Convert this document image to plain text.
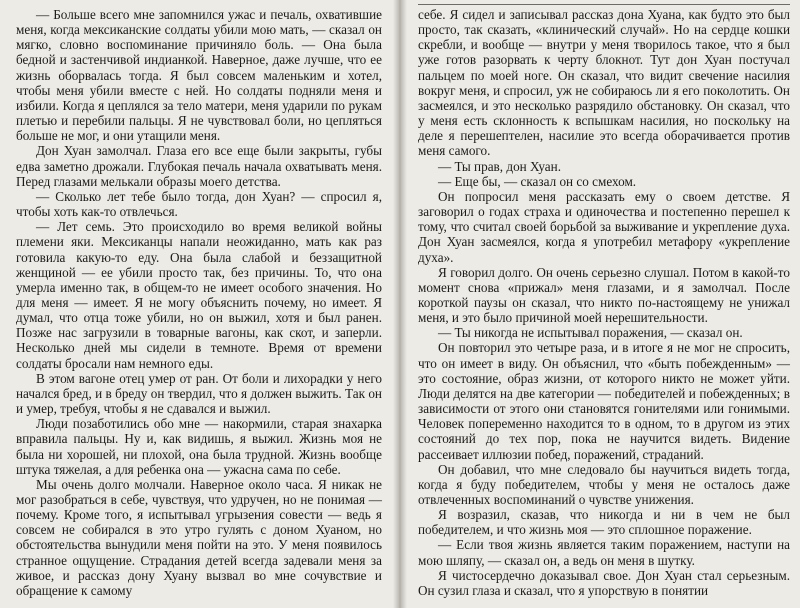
— Больше всего мне запомнился ужас и печаль, охватившие меня, когда мексиканские солдаты убили мою мать, — сказал он мягко, словно воспоминание причиняло боль. — Она была бедной и застенчивой индианкой. Наверное, даже лучше, что ее жизнь оборвалась тогда. Я был совсем маленьким и хотел, чтобы меня убили вместе с ней. Но солдаты подняли меня и избили. Когда я цеплялся за тело матери, меня ударили по рукам плетью и перебили пальцы. Я не чувствовал боли, но цепляться больше не мог, и они утащили меня.

Дон Хуан замолчал. Глаза его все еще были закрыты, губы едва заметно дрожали. Глубокая печаль начала охватывать меня. Перед глазами мелькали образы моего детства.

— Сколько лет тебе было тогда, дон Хуан? — спросил я, чтобы хоть как-то отвлечься.

— Лет семь. Это происходило во время великой войны племени яки. Мексиканцы напали неожиданно, мать как раз готовила какую-то еду. Она была слабой и беззащитной женщиной — ее убили просто так, без причины. То, что она умерла именно так, в общем-то не имеет особого значения. Но для меня — имеет. Я не могу объяснить почему, но имеет. Я думал, что отца тоже убили, но он выжил, хотя и был ранен. Позже нас загрузили в товарные вагоны, как скот, и заперли. Несколько дней мы сидели в темноте. Время от времени солдаты бросали нам немного еды.

В этом вагоне отец умер от ран. От боли и лихорадки у него начался бред, и в бреду он твердил, что я должен выжить. Так он и умер, требуя, чтобы я не сдавался и выжил.

Люди позаботились обо мне — накормили, старая знахарка вправила пальцы. Ну и, как видишь, я выжил. Жизнь моя не была ни хорошей, ни плохой, она была трудной. Жизнь вообще штука тяжелая, а для ребенка она — ужасна сама по себе.

Мы очень долго молчали. Наверное около часа. Я никак не мог разобраться в себе, чувствуя, что удручен, но не понимая — почему. Кроме того, я испытывал угрызения совести — ведь я совсем не собирался в это утро гулять с доном Хуаном, но обстоятельства вынудили меня пойти на это. У меня появилось странное ощущение. Страдания детей всегда задевали меня за живое, и рассказ дону Хуану вызвал во мне сочувствие и обращение к самому

себе. Я сидел и записывал рассказ дона Хуана, как будто это был просто, так сказать, «клинический случай». Но на сердце кошки скребли, и вообще — внутри у меня творилось такое, что я был уже готов разорвать к черту блокнот. Тут дон Хуан постучал пальцем по моей ноге. Он сказал, что видит свечение насилия вокруг меня, и спросил, уж не собираюсь ли я его поколотить. Он засмеялся, и это несколько разрядило обстановку. Он сказал, что у меня есть склонность к вспышкам насилия, но поскольку на деле я перешептелен, насилие это всегда оборачивается против меня самого.

— Ты прав, дон Хуан.

— Еще бы, — сказал он со смехом.

Он попросил меня рассказать ему о своем детстве. Я заговорил о годах страха и одиночества и постепенно перешел к тому, что считал своей борьбой за выживание и укрепление духа. Дон Хуан засмеялся, когда я употребил метафору «укрепление духа».

Я говорил долго. Он очень серьезно слушал. Потом в какой-то момент снова «прижал» меня глазами, и я замолчал. После короткой паузы он сказал, что никто по-настоящему не унижал меня, и это было причиной моей нерешительности.

— Ты никогда не испытывал поражения, — сказал он.

Он повторил это четыре раза, и в итоге я не мог не спросить, что он имеет в виду. Он объяснил, что «быть побежденным» — это состояние, образ жизни, от которого никто не может уйти. Люди делятся на две категории — победителей и побежденных; в зависимости от этого они становятся гонителями или гонимыми. Человек попеременно находится то в одном, то в другом из этих состояний до тех пор, пока не научится видеть. Видение рассеивает иллюзии побед, поражений, страданий.

Он добавил, что мне следовало бы научиться видеть тогда, когда я буду победителем, чтобы у меня не осталось даже отвлеченных воспоминаний о чувстве унижения.

Я возразил, сказав, что никогда и ни в чем не был победителем, и что жизнь моя — это сплошное поражение.

— Если твоя жизнь является таким поражением, наступи на мою шляпу, — сказал он, а ведь он меня в шутку.

Я чистосердечно доказывал свое. Дон Хуан стал серьезным. Он сузил глаза и сказал, что я упорствую в понятии
